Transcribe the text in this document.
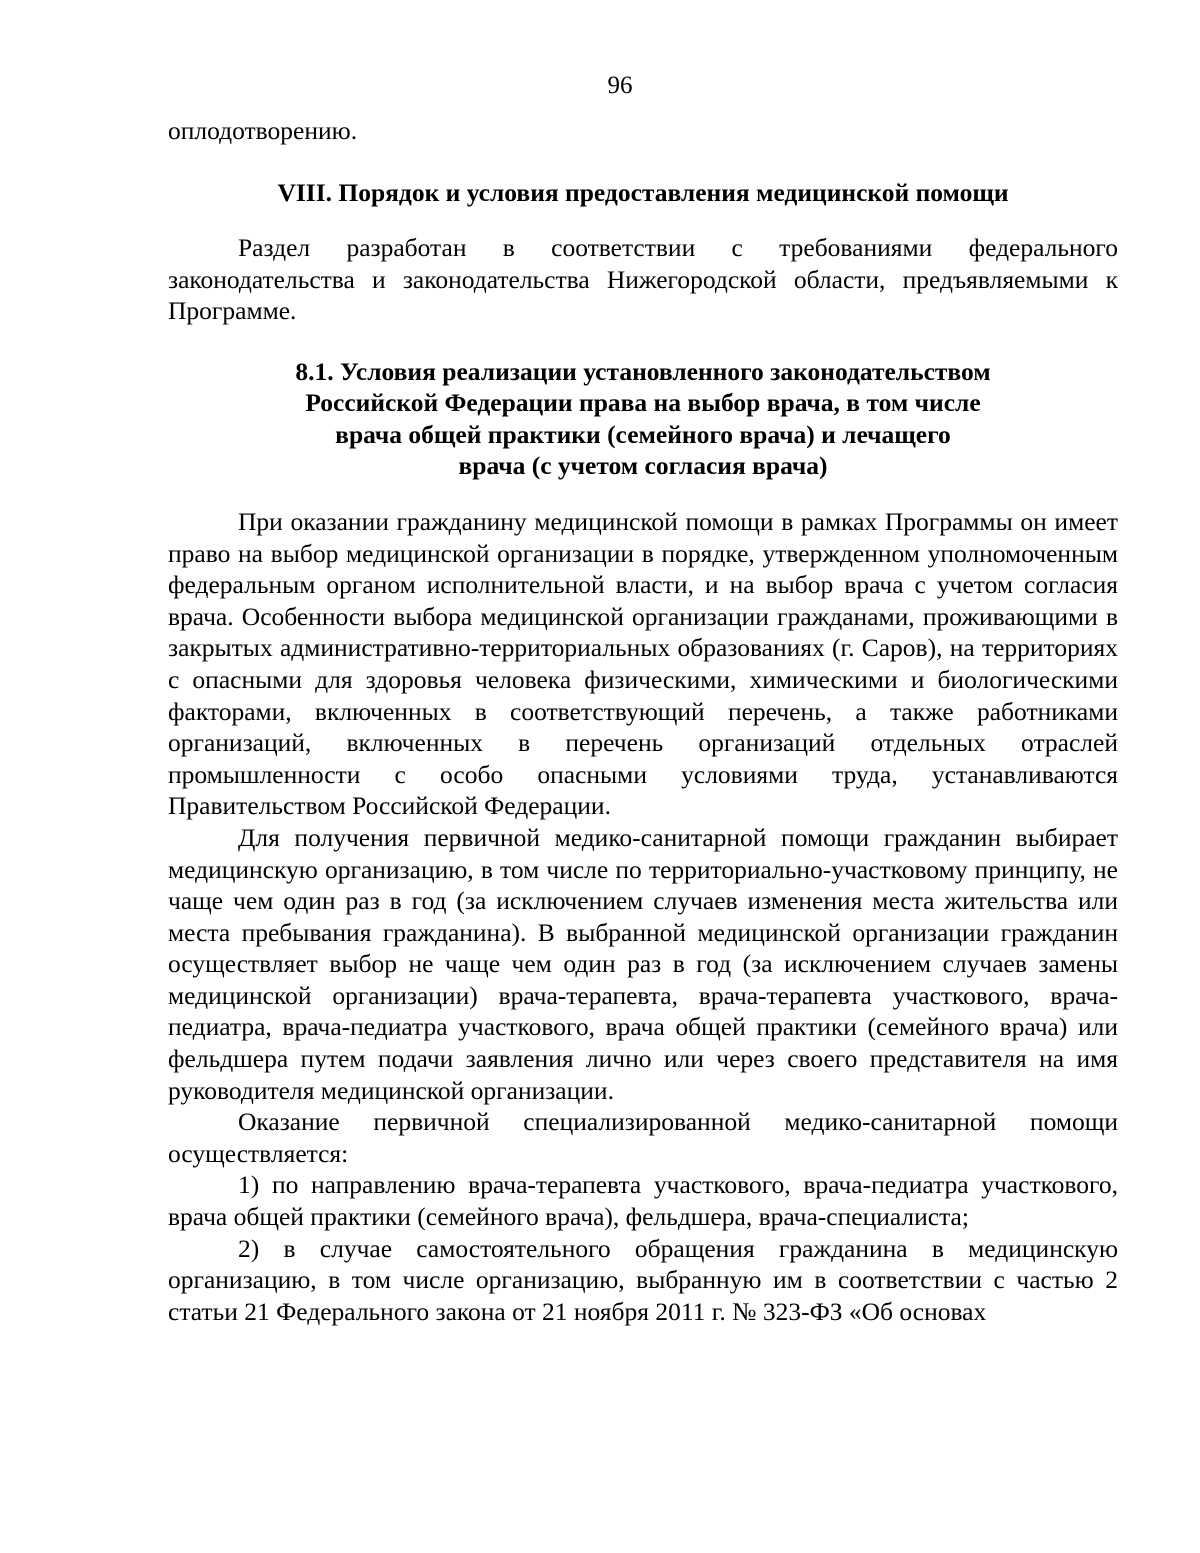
96

оплодотворению.

VIII. Порядок и условия предоставления медицинской помощи

Раздел разработан в соответствии с требованиями федерального законодательства и законодательства Нижегородской области, предъявляемыми к Программе.

8.1. Условия реализации установленного законодательством
Российской Федерации права на выбор врача, в том числе
врача общей практики (семейного врача) и лечащего
врача (с учетом согласия врача)

При оказании гражданину медицинской помощи в рамках Программы он имеет право на выбор медицинской организации в порядке, утвержденном уполномоченным федеральным органом исполнительной власти, и на выбор врача с учетом согласия врача. Особенности выбора медицинской организации гражданами, проживающими в закрытых административно-территориальных образованиях (г. Саров), на территориях с опасными для здоровья человека физическими, химическими и биологическими факторами, включенных в соответствующий перечень, а также работниками организаций, включенных в перечень организаций отдельных отраслей промышленности с особо опасными условиями труда, устанавливаются Правительством Российской Федерации.

Для получения первичной медико-санитарной помощи гражданин выбирает медицинскую организацию, в том числе по территориально-участковому принципу, не чаще чем один раз в год (за исключением случаев изменения места жительства или места пребывания гражданина). В выбранной медицинской организации гражданин осуществляет выбор не чаще чем один раз в год (за исключением случаев замены медицинской организации) врача-терапевта, врача-терапевта участкового, врача-педиатра, врача-педиатра участкового, врача общей практики (семейного врача) или фельдшера путем подачи заявления лично или через своего представителя на имя руководителя медицинской организации.

Оказание первичной специализированной медико-санитарной помощи осуществляется:

1) по направлению врача-терапевта участкового, врача-педиатра участкового, врача общей практики (семейного врача), фельдшера, врача-специалиста;

2) в случае самостоятельного обращения гражданина в медицинскую организацию, в том числе организацию, выбранную им в соответствии с частью 2 статьи 21 Федерального закона от 21 ноября 2011 г. № 323-ФЗ «Об основах
